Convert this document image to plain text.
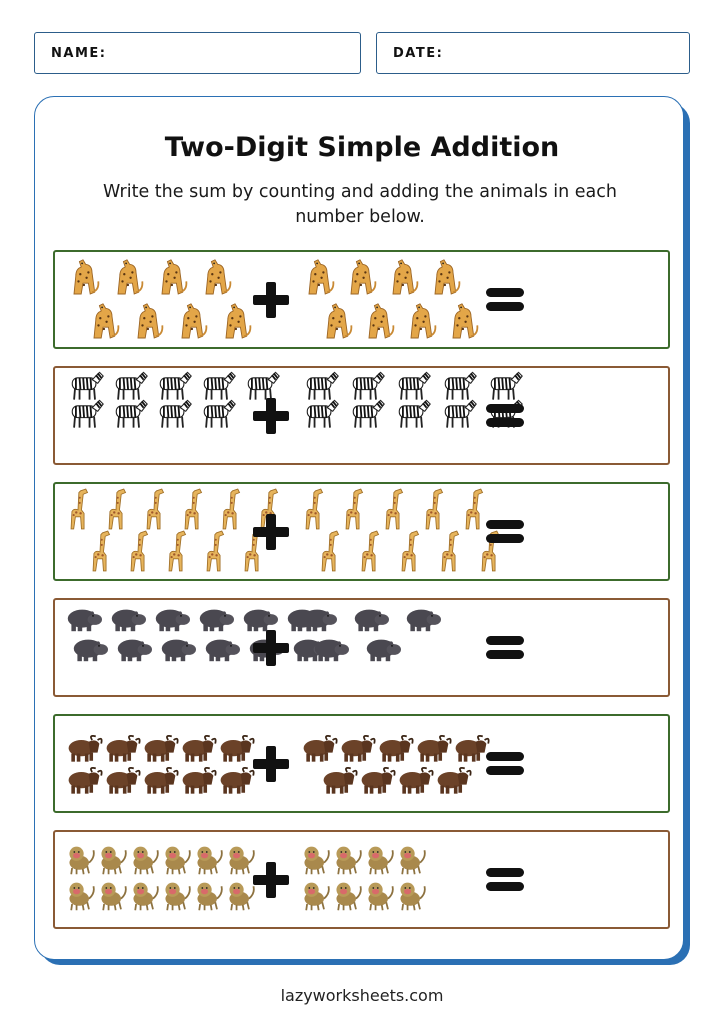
NAME:	DATE:
Two-Digit Simple Addition

Write the sum by counting and adding the animals in each number below.

lazyworksheets.com
